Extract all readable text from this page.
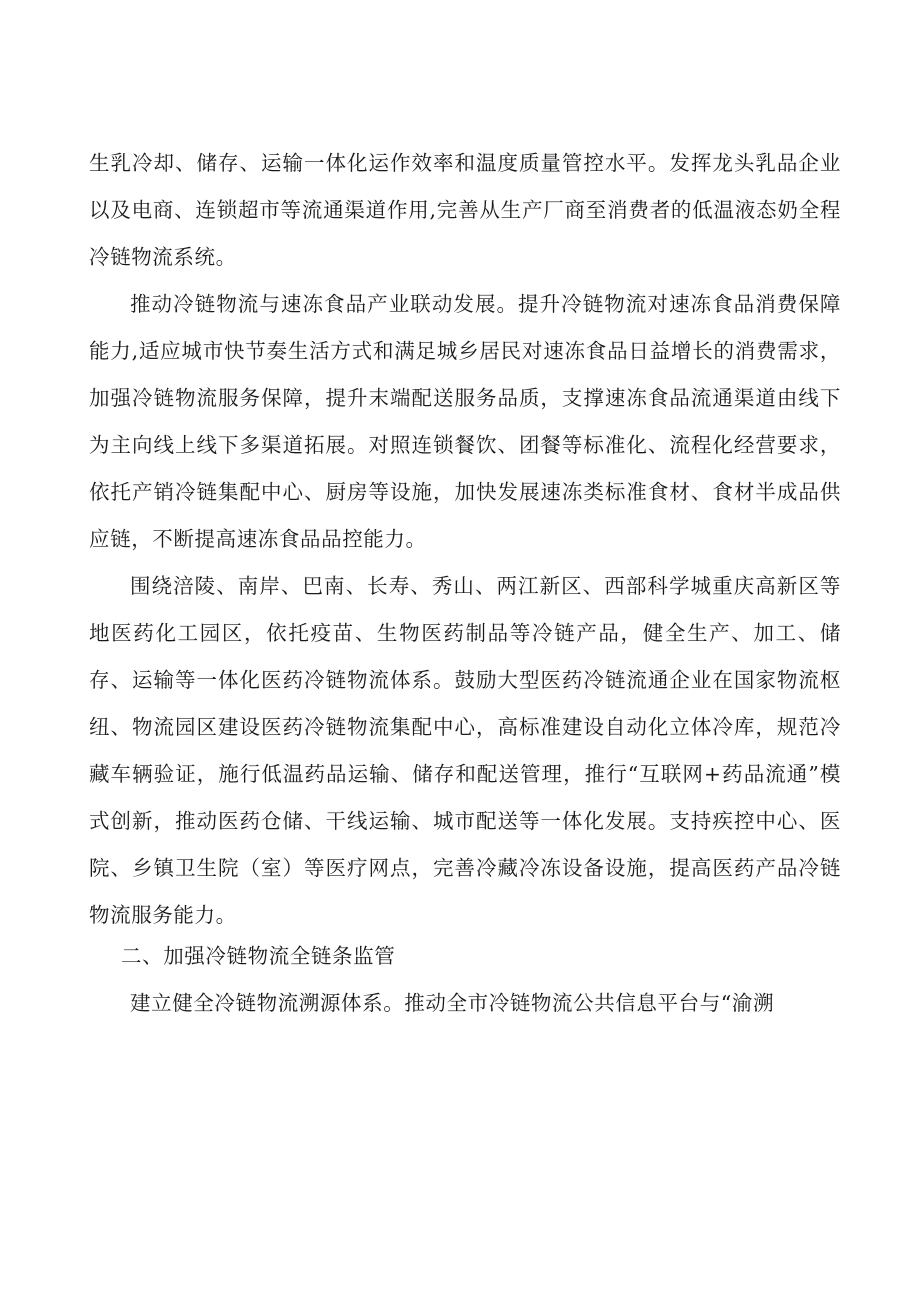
生乳冷却、储存、运输一体化运作效率和温度质量管控水平。发挥龙头乳品企业以及电商、连锁超市等流通渠道作用,完善从生产厂商至消费者的低温液态奶全程冷链物流系统。

推动冷链物流与速冻食品产业联动发展。提升冷链物流对速冻食品消费保障能力,适应城市快节奏生活方式和满足城乡居民对速冻食品日益增长的消费需求，加强冷链物流服务保障，提升末端配送服务品质，支撑速冻食品流通渠道由线下为主向线上线下多渠道拓展。对照连锁餐饮、团餐等标准化、流程化经营要求，依托产销冷链集配中心、厨房等设施，加快发展速冻类标准食材、食材半成品供应链，不断提高速冻食品品控能力。

围绕涪陵、南岸、巴南、长寿、秀山、两江新区、西部科学城重庆高新区等地医药化工园区，依托疫苗、生物医药制品等冷链产品，健全生产、加工、储存、运输等一体化医药冷链物流体系。鼓励大型医药冷链流通企业在国家物流枢纽、物流园区建设医药冷链物流集配中心，高标准建设自动化立体冷库，规范冷藏车辆验证，施行低温药品运输、储存和配送管理，推行“互联网+药品流通”模式创新，推动医药仓储、干线运输、城市配送等一体化发展。支持疾控中心、医院、乡镇卫生院（室）等医疗网点，完善冷藏冷冻设备设施，提高医药产品冷链物流服务能力。

二、加强冷链物流全链条监管

建立健全冷链物流溯源体系。推动全市冷链物流公共信息平台与“渝溯
